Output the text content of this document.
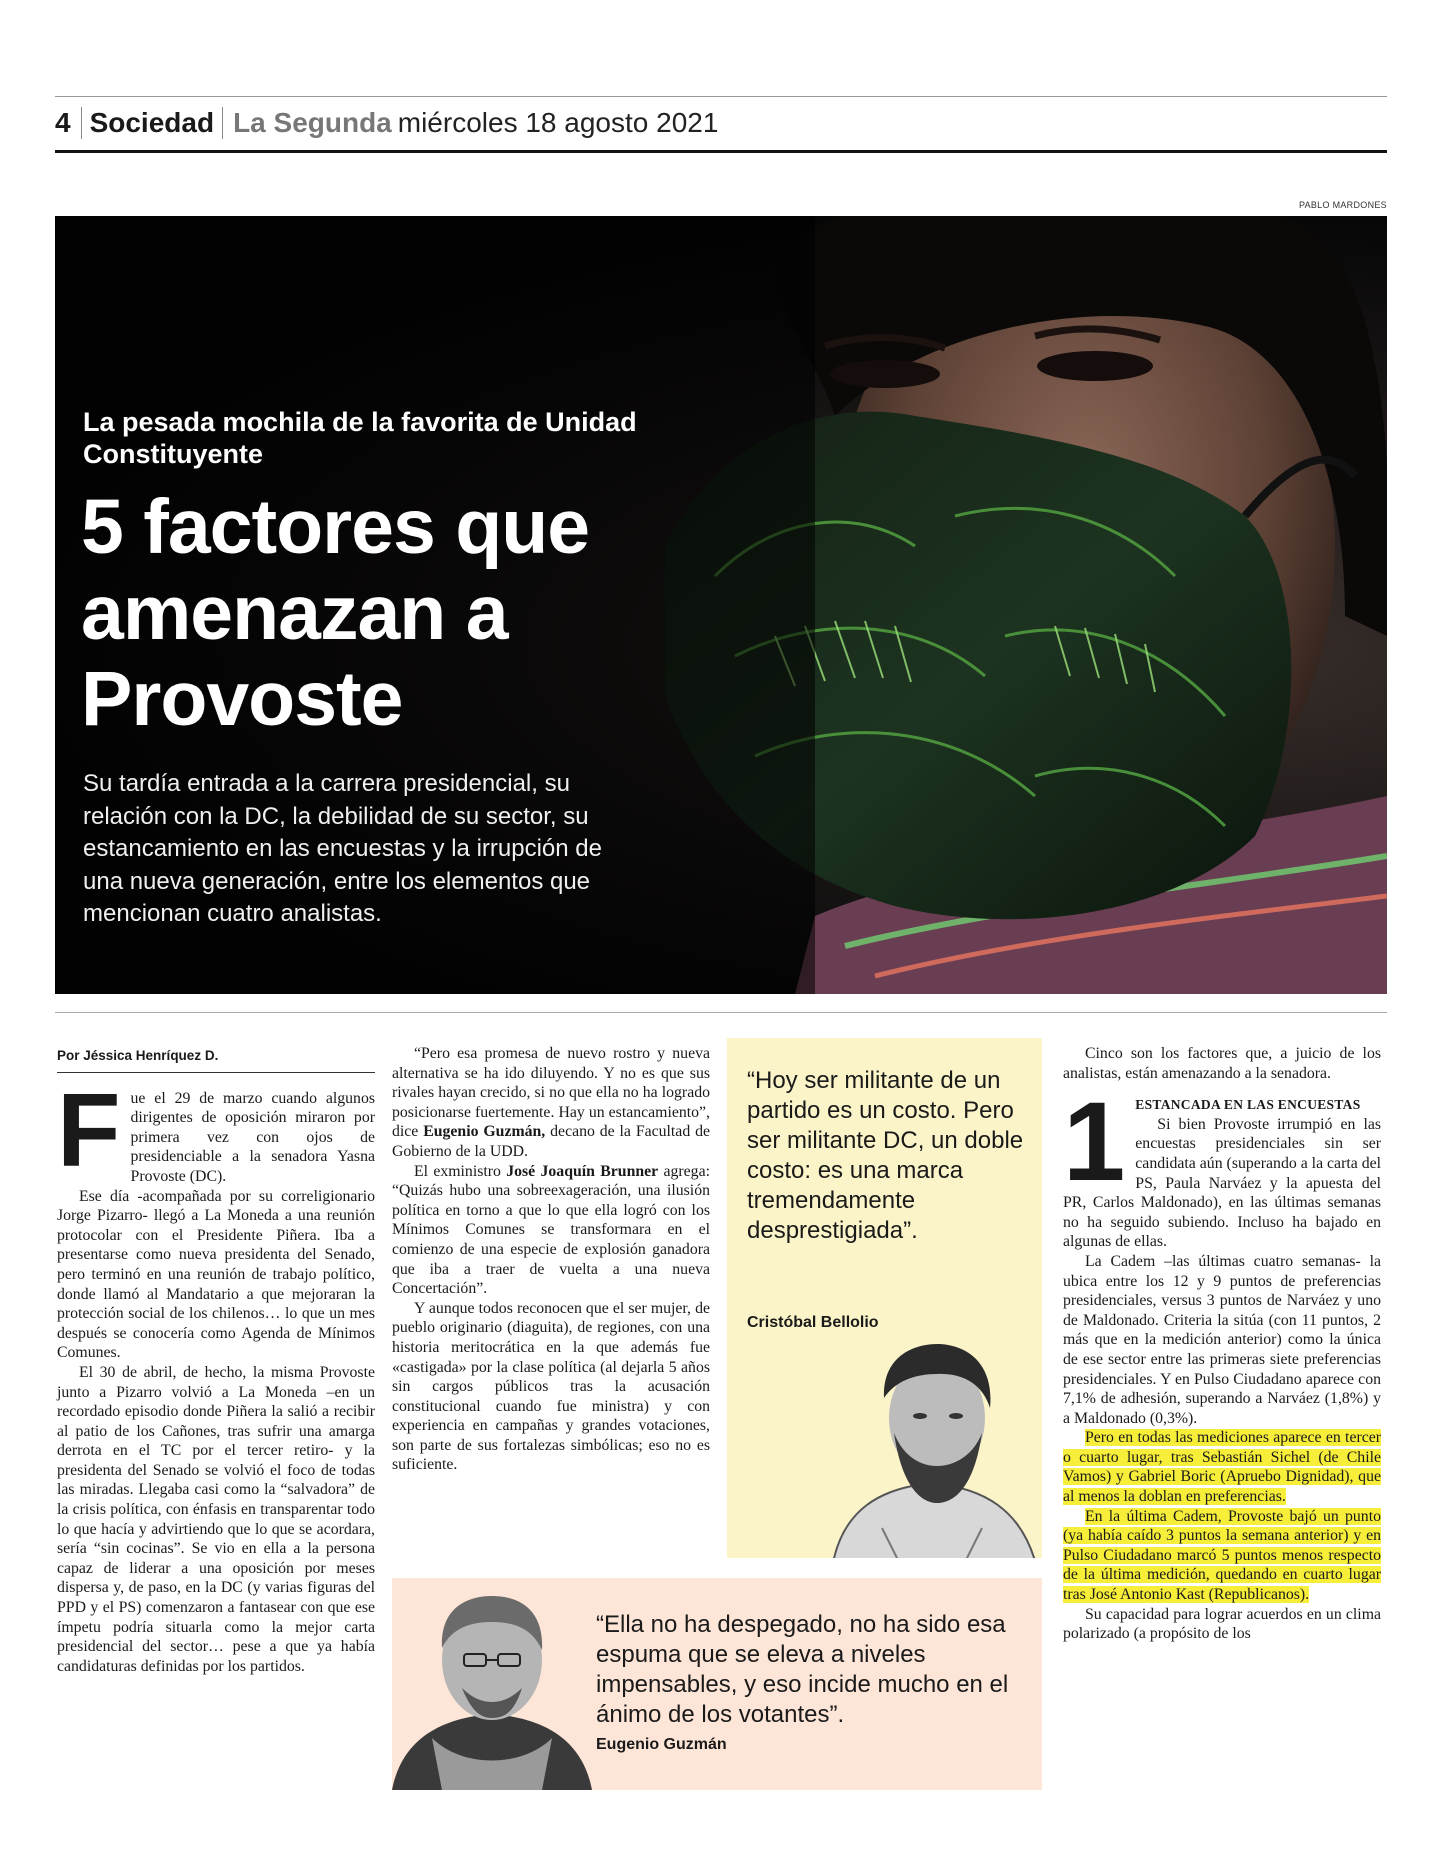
4 Sociedad La Segunda miércoles 18 agosto 2021
PABLO MARDONES
La pesada mochila de la favorita de Unidad Constituyente
5 factores que amenazan a Provoste
Su tardía entrada a la carrera presidencial, su relación con la DC, la debilidad de su sector, su estancamiento en las encuestas y la irrupción de una nueva generación, entre los elementos que mencionan cuatro analistas.
Por Jéssica Henríquez D.

Fue el 29 de marzo cuando algunos dirigentes de oposición miraron por primera vez con ojos de presidenciable a la senadora Yasna Provoste (DC).

Ese día -acompañada por su correligionario Jorge Pizarro- llegó a La Moneda a una reunión protocolar con el Presidente Piñera. Iba a presentarse como nueva presidenta del Senado, pero terminó en una reunión de trabajo político, donde llamó al Mandatario a que mejoraran la protección social de los chilenos… lo que un mes después se conocería como Agenda de Mínimos Comunes.

El 30 de abril, de hecho, la misma Provoste junto a Pizarro volvió a La Moneda –en un recordado episodio donde Piñera la salió a recibir al patio de los Cañones, tras sufrir una amarga derrota en el TC por el tercer retiro- y la presidenta del Senado se volvió el foco de todas las miradas. Llegaba casi como la “salvadora” de la crisis política, con énfasis en transparentar todo lo que hacía y advirtiendo que lo que se acordara, sería “sin cocinas”. Se vio en ella a la persona capaz de liderar a una oposición por meses dispersa y, de paso, en la DC (y varias figuras del PPD y el PS) comenzaron a fantasear con que ese ímpetu podría situarla como la mejor carta presidencial del sector… pese a que ya había candidaturas definidas por los partidos.

“Pero esa promesa de nuevo rostro y nueva alternativa se ha ido diluyendo. Y no es que sus rivales hayan crecido, si no que ella no ha logrado posicionarse fuertemente. Hay un estancamiento”, dice Eugenio Guzmán, decano de la Facultad de Gobierno de la UDD.

El exministro José Joaquín Brunner agrega: “Quizás hubo una sobreexageración, una ilusión política en torno a que lo que ella logró con los Mínimos Comunes se transformara en el comienzo de una especie de explosión ganadora que iba a traer de vuelta a una nueva Concertación”.

Y aunque todos reconocen que el ser mujer, de pueblo originario (diaguita), de regiones, con una historia meritocrática en la que además fue «castigada» por la clase política (al dejarla 5 años sin cargos públicos tras la acusación constitucional cuando fue ministra) y con experiencia en campañas y grandes votaciones, son parte de sus fortalezas simbólicas; eso no es suficiente.

“Hoy ser militante de un partido es un costo. Pero ser militante DC, un doble costo: es una marca tremendamente desprestigiada”.
Cristóbal Bellolio
“Ella no ha despegado, no ha sido esa espuma que se eleva a niveles impensables, y eso incide mucho en el ánimo de los votantes”.
Eugenio Guzmán

Cinco son los factores que, a juicio de los analistas, están amenazando a la senadora.

1 ESTANCADA EN LAS ENCUESTAS
Si bien Provoste irrumpió en las encuestas presidenciales sin ser candidata aún (superando a la carta del PS, Paula Narváez y la apuesta del PR, Carlos Maldonado), en las últimas semanas no ha seguido subiendo. Incluso ha bajado en algunas de ellas.

La Cadem –las últimas cuatro semanas- la ubica entre los 12 y 9 puntos de preferencias presidenciales, versus 3 puntos de Narváez y uno de Maldonado. Criteria la sitúa (con 11 puntos, 2 más que en la medición anterior) como la única de ese sector entre las primeras siete preferencias presidenciales. Y en Pulso Ciudadano aparece con 7,1% de adhesión, superando a Narváez (1,8%) y a Maldonado (0,3%).

Pero en todas las mediciones aparece en tercer o cuarto lugar, tras Sebastián Sichel (de Chile Vamos) y Gabriel Boric (Apruebo Dignidad), que al menos la doblan en preferencias.

En la última Cadem, Provoste bajó un punto (ya había caído 3 puntos la semana anterior) y en Pulso Ciudadano marcó 5 puntos menos respecto de la última medición, quedando en cuarto lugar tras José Antonio Kast (Republicanos).

Su capacidad para lograr acuerdos en un clima polarizado (a propósito de los
